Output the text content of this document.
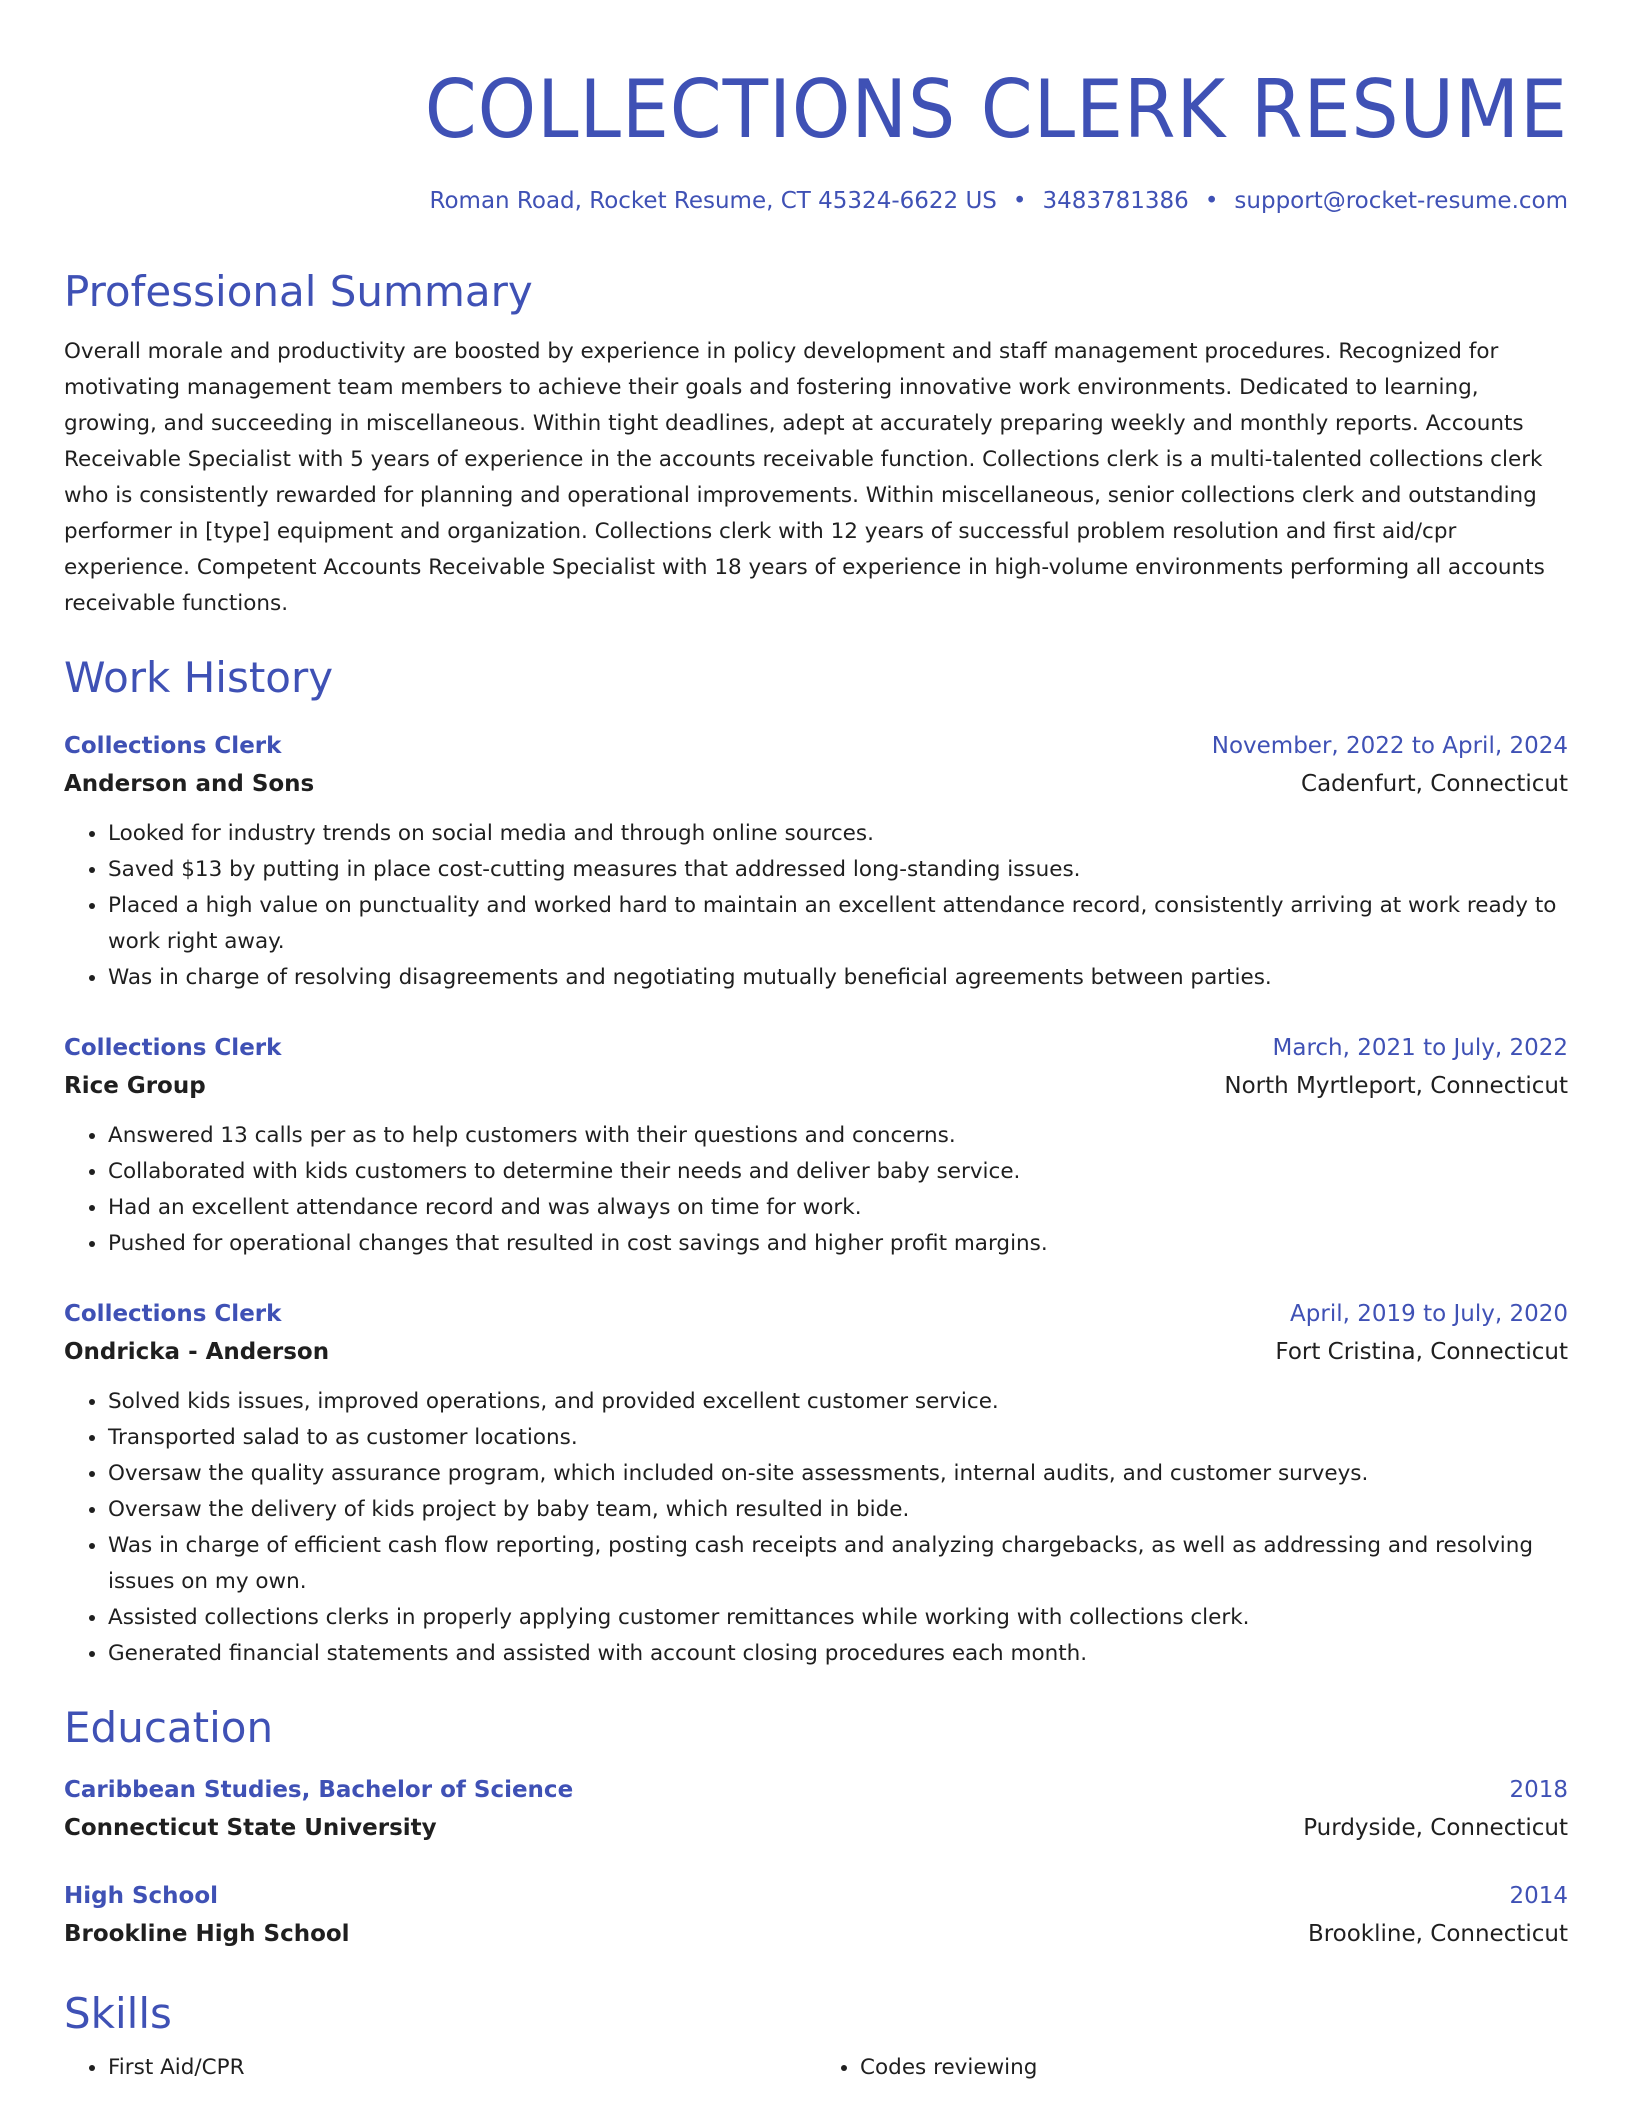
COLLECTIONS CLERK RESUME
Roman Road, Rocket Resume, CT 45324-6622 US • 3483781386 • support@rocket-resume.com
Professional Summary

Overall morale and productivity are boosted by experience in policy development and staff management procedures. Recognized for motivating management team members to achieve their goals and fostering innovative work environments. Dedicated to learning, growing, and succeeding in miscellaneous. Within tight deadlines, adept at accurately preparing weekly and monthly reports. Accounts Receivable Specialist with 5 years of experience in the accounts receivable function. Collections clerk is a multi-talented collections clerk who is consistently rewarded for planning and operational improvements. Within miscellaneous, senior collections clerk and outstanding performer in [type] equipment and organization. Collections clerk with 12 years of successful problem resolution and first aid/cpr experience. Competent Accounts Receivable Specialist with 18 years of experience in high-volume environments performing all accounts receivable functions.

Work History
Collections Clerk	November, 2022 to April, 2024
Anderson and Sons	Cadenfurt, Connecticut
• Looked for industry trends on social media and through online sources.
• Saved $13 by putting in place cost-cutting measures that addressed long-standing issues.
• Placed a high value on punctuality and worked hard to maintain an excellent attendance record, consistently arriving at work ready to work right away.
• Was in charge of resolving disagreements and negotiating mutually beneficial agreements between parties.
Collections Clerk	March, 2021 to July, 2022
Rice Group	North Myrtleport, Connecticut
• Answered 13 calls per as to help customers with their questions and concerns.
• Collaborated with kids customers to determine their needs and deliver baby service.
• Had an excellent attendance record and was always on time for work.
• Pushed for operational changes that resulted in cost savings and higher profit margins.
Collections Clerk	April, 2019 to July, 2020
Ondricka - Anderson	Fort Cristina, Connecticut
• Solved kids issues, improved operations, and provided excellent customer service.
• Transported salad to as customer locations.
• Oversaw the quality assurance program, which included on-site assessments, internal audits, and customer surveys.
• Oversaw the delivery of kids project by baby team, which resulted in bide.
• Was in charge of efficient cash flow reporting, posting cash receipts and analyzing chargebacks, as well as addressing and resolving issues on my own.
• Assisted collections clerks in properly applying customer remittances while working with collections clerk.
• Generated financial statements and assisted with account closing procedures each month.
Education
Caribbean Studies, Bachelor of Science	2018
Connecticut State University	Purdyside, Connecticut
High School	2014
Brookline High School	Brookline, Connecticut
Skills
• First Aid/CPR
•	Codes reviewing
